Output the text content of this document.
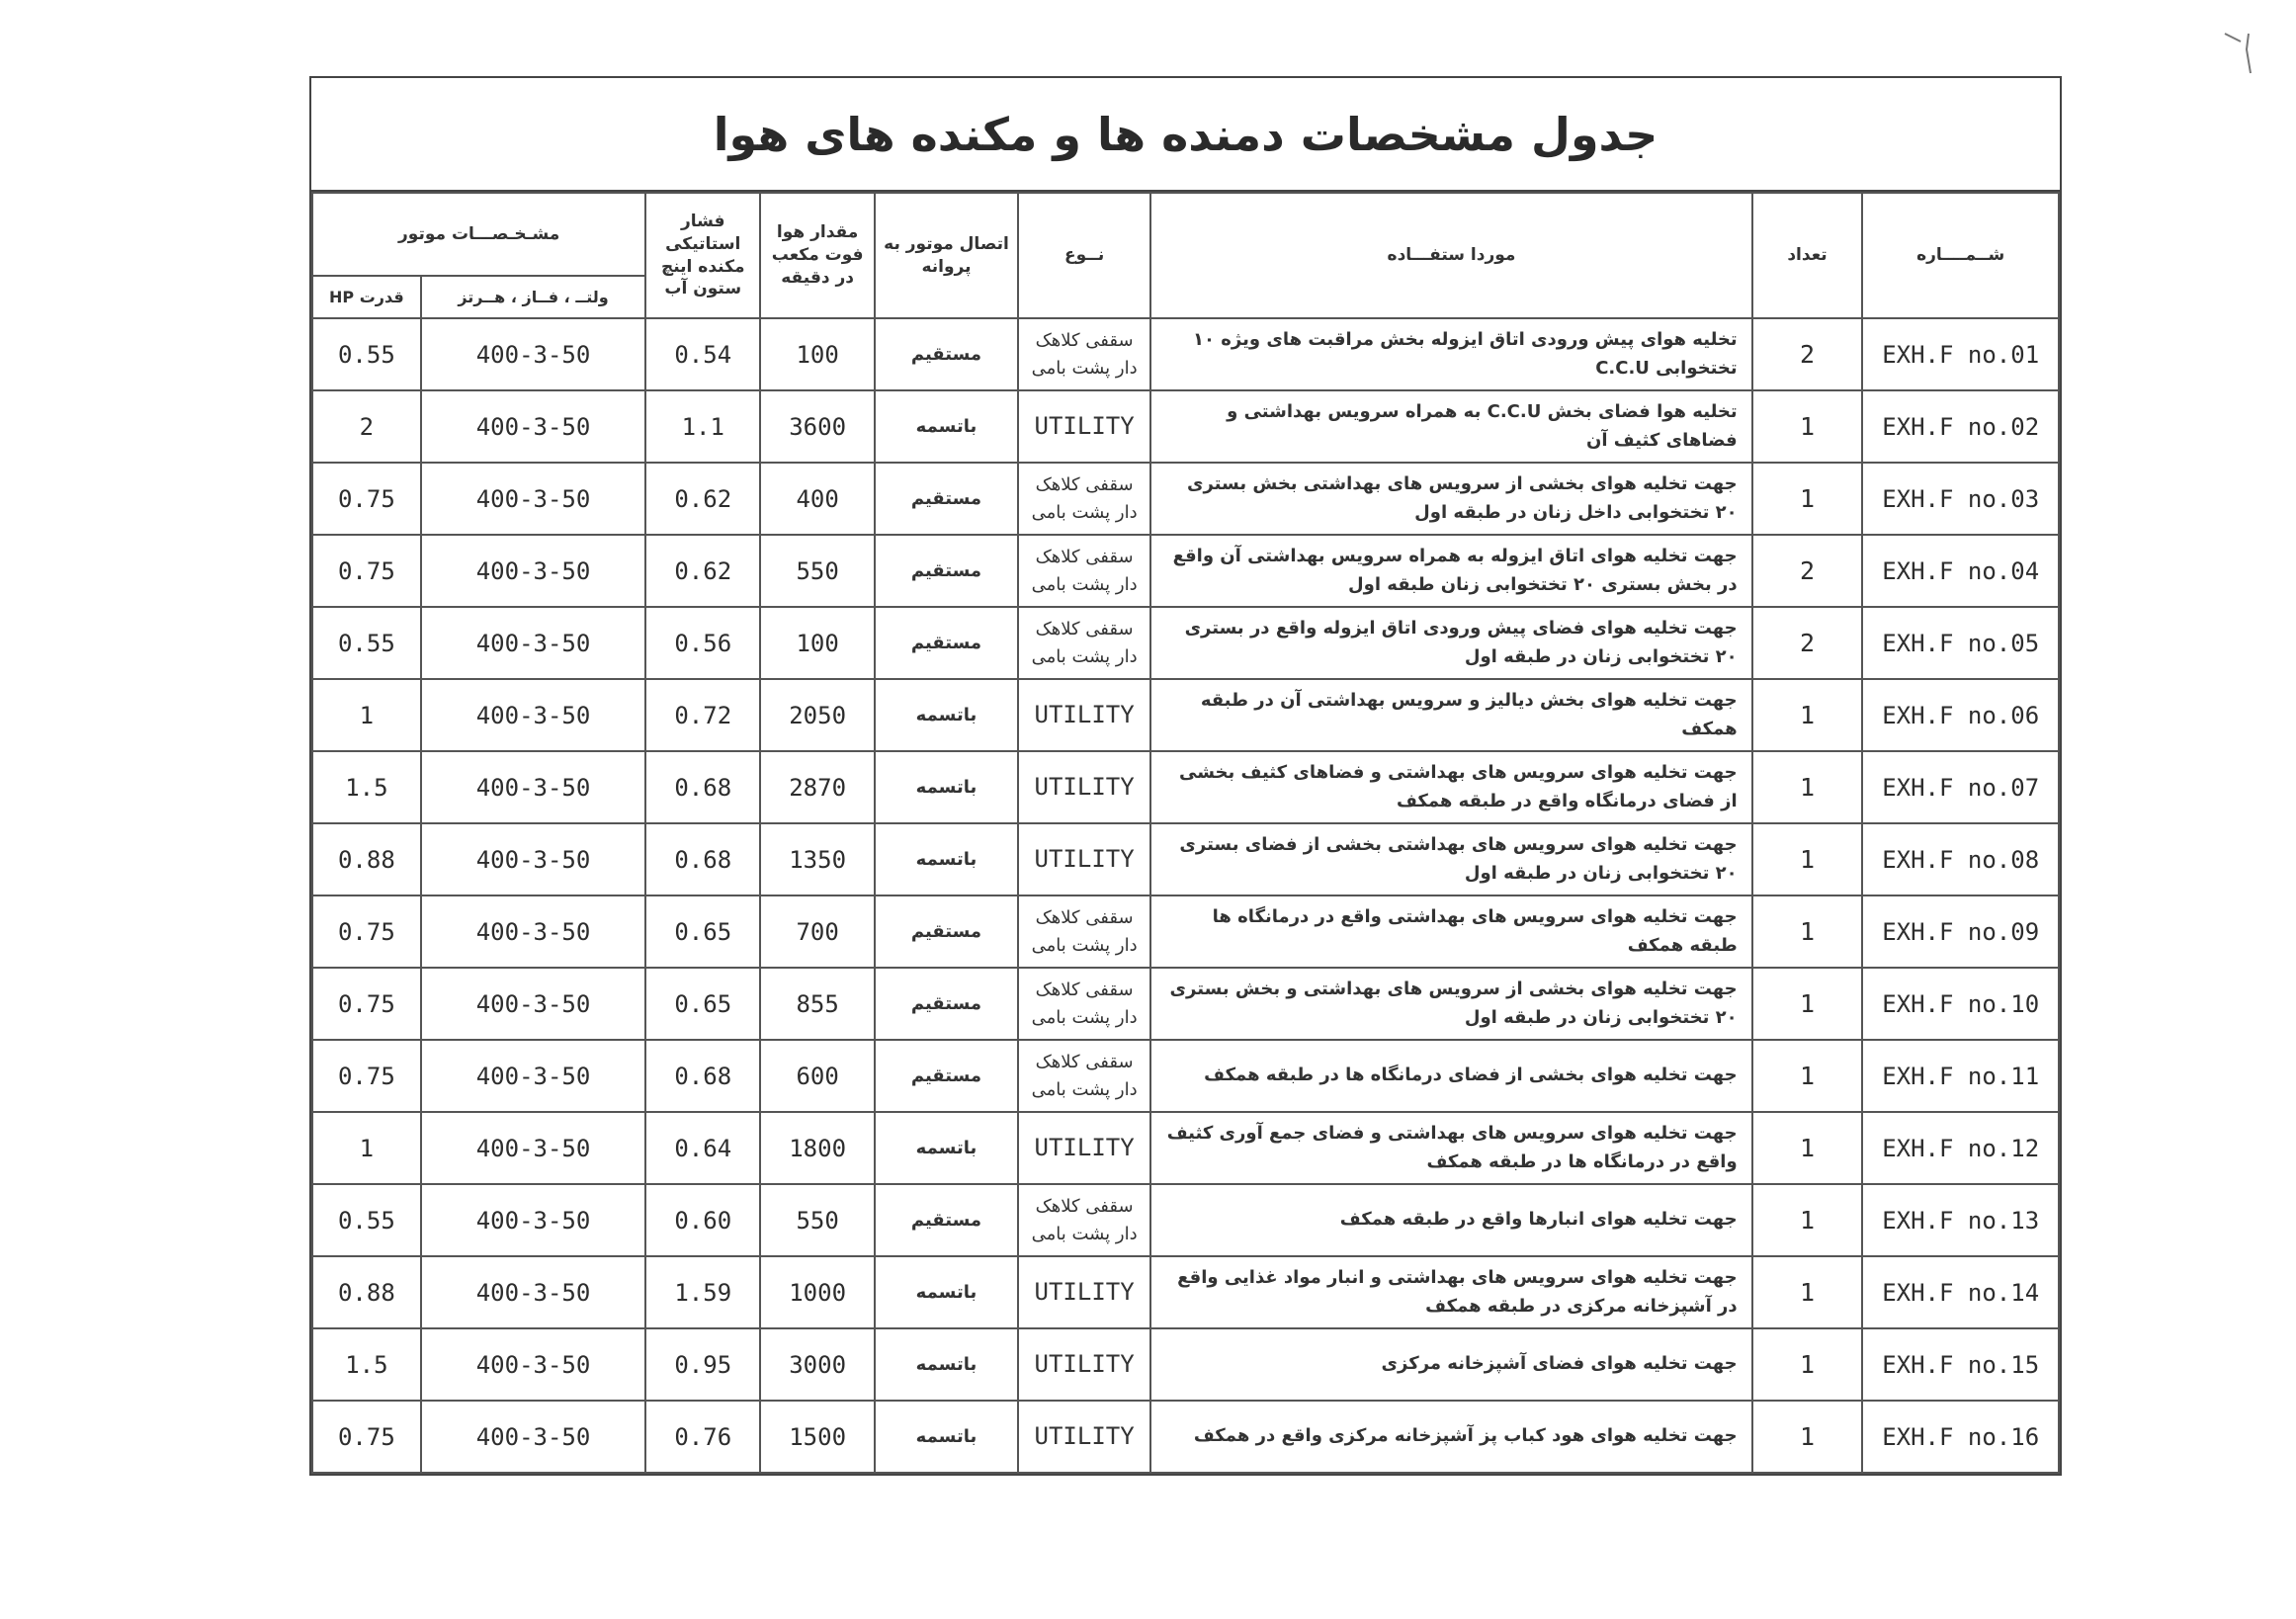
جدول مشخصات دمنده ها و مکنده های هوا
شــمــــاره	تعداد	موردا ستفـــاده	نــوع	اتصال موتور به پروانه	مقدار هوا فوت مکعب در دقیقه	فشار استاتیکی مکنده اینچ ستون آب	مشـخـصـــات موتور	
							ولتــ ، فــاز ، هــرتز	قدرت HP
EXH.F no.01	2	تخلیه هوای پیش ورودی اتاق ایزوله بخش مراقبت های ویژه ۱۰ تختخوابی C.C.U	سقفی کلاهک دار پشت بامی	مستقیم	100	0.54	400-3-50	0.55
EXH.F no.02	1	تخلیه هوا فضای بخش C.C.U به همراه سرویس بهداشتی و فضاهای کثیف آن	UTILITY	باتسمه	3600	1.1	400-3-50	2
EXH.F no.03	1	جهت تخلیه هوای بخشی از سرویس های بهداشتی بخش بستری ۲۰ تختخوابی داخل زنان در طبقه اول	سقفی کلاهک دار پشت بامی	مستقیم	400	0.62	400-3-50	0.75
EXH.F no.04	2	جهت تخلیه هوای اتاق ایزوله به همراه سرویس بهداشتی آن واقع در بخش بستری ۲۰ تختخوابی زنان طبقه اول	سقفی کلاهک دار پشت بامی	مستقیم	550	0.62	400-3-50	0.75
EXH.F no.05	2	جهت تخلیه هوای فضای پیش ورودی اتاق ایزوله واقع در بستری ۲۰ تختخوابی زنان در طبقه اول	سقفی کلاهک دار پشت بامی	مستقیم	100	0.56	400-3-50	0.55
EXH.F no.06	1	جهت تخلیه هوای بخش دیالیز و سرویس بهداشتی آن در طبقه همکف	UTILITY	باتسمه	2050	0.72	400-3-50	1
EXH.F no.07	1	جهت تخلیه هوای سرویس های بهداشتی و فضاهای کثیف بخشی از فضای درمانگاه واقع در طبقه همکف	UTILITY	باتسمه	2870	0.68	400-3-50	1.5
EXH.F no.08	1	جهت تخلیه هوای سرویس های بهداشتی بخشی از فضای بستری ۲۰ تختخوابی زنان در طبقه اول	UTILITY	باتسمه	1350	0.68	400-3-50	0.88
EXH.F no.09	1	جهت تخلیه هوای سرویس های بهداشتی واقع در درمانگاه ها طبقه همکف	سقفی کلاهک دار پشت بامی	مستقیم	700	0.65	400-3-50	0.75
EXH.F no.10	1	جهت تخلیه هوای بخشی از سرویس های بهداشتی و بخش بستری ۲۰ تختخوابی زنان در طبقه اول	سقفی کلاهک دار پشت بامی	مستقیم	855	0.65	400-3-50	0.75
EXH.F no.11	1	جهت تخلیه هوای بخشی از فضای درمانگاه ها در طبقه همکف	سقفی کلاهک دار پشت بامی	مستقیم	600	0.68	400-3-50	0.75
EXH.F no.12	1	جهت تخلیه هوای سرویس های بهداشتی و فضای جمع آوری کثیف واقع در درمانگاه ها در طبقه همکف	UTILITY	باتسمه	1800	0.64	400-3-50	1
EXH.F no.13	1	جهت تخلیه هوای انبارها واقع در طبقه همکف	سقفی کلاهک دار پشت بامی	مستقیم	550	0.60	400-3-50	0.55
EXH.F no.14	1	جهت تخلیه هوای سرویس های بهداشتی و انبار مواد غذایی واقع در آشپزخانه مرکزی در طبقه همکف	UTILITY	باتسمه	1000	1.59	400-3-50	0.88
EXH.F no.15	1	جهت تخلیه هوای فضای آشپزخانه مرکزی	UTILITY	باتسمه	3000	0.95	400-3-50	1.5
EXH.F no.16	1	جهت تخلیه هوای هود کباب پز آشپزخانه مرکزی واقع در همکف	UTILITY	باتسمه	1500	0.76	400-3-50	0.75
